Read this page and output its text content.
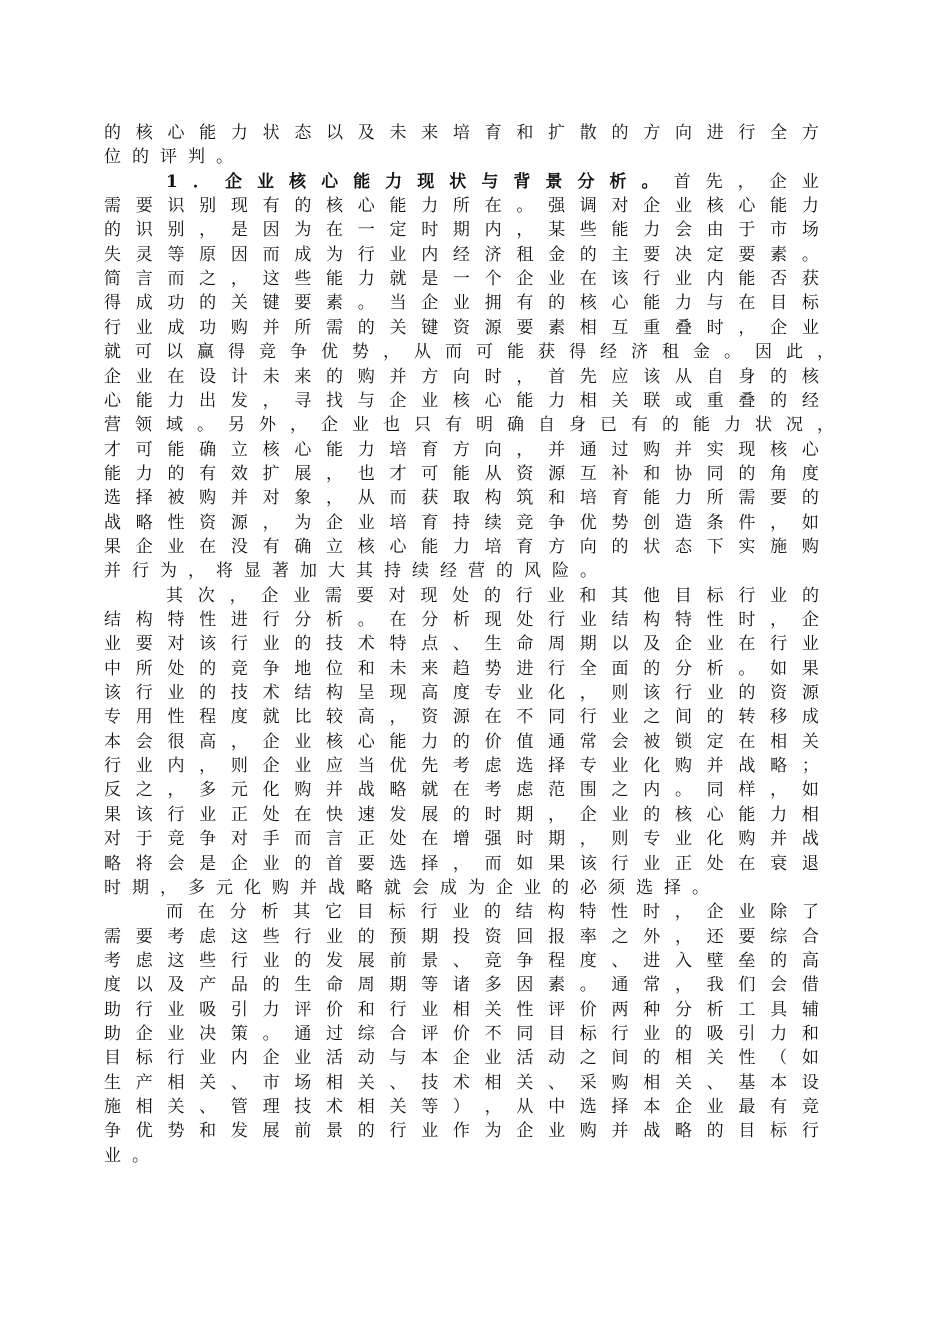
的 核 心 能 力 状 态 以 及 未 来 培 育 和 扩 散 的 方 向 进 行 全 方
位 的 评 判 。
1 ． 企 业 核 心 能 力 现 状 与 背 景 分 析 。 首 先 ， 企 业
需 要 识 别 现 有 的 核 心 能 力 所 在 。 强 调 对 企 业 核 心 能 力
的 识 别 ， 是 因 为 在 一 定 时 期 内 ， 某 些 能 力 会 由 于 市 场
失 灵 等 原 因 而 成 为 行 业 内 经 济 租 金 的 主 要 决 定 要 素 。
简 言 而 之 ， 这 些 能 力 就 是 一 个 企 业 在 该 行 业 内 能 否 获
得 成 功 的 关 键 要 素 。 当 企 业 拥 有 的 核 心 能 力 与 在 目 标
行 业 成 功 购 并 所 需 的 关 键 资 源 要 素 相 互 重 叠 时 ， 企 业
就 可 以 赢 得 竞 争 优 势 ， 从 而 可 能 获 得 经 济 租 金 。 因 此 ，
企 业 在 设 计 未 来 的 购 并 方 向 时 ， 首 先 应 该 从 自 身 的 核
心 能 力 出 发 ， 寻 找 与 企 业 核 心 能 力 相 关 联 或 重 叠 的 经
营 领 域 。 另 外 ， 企 业 也 只 有 明 确 自 身 已 有 的 能 力 状 况 ，
才 可 能 确 立 核 心 能 力 培 育 方 向 ， 并 通 过 购 并 实 现 核 心
能 力 的 有 效 扩 展 ， 也 才 可 能 从 资 源 互 补 和 协 同 的 角 度
选 择 被 购 并 对 象 ， 从 而 获 取 构 筑 和 培 育 能 力 所 需 要 的
战 略 性 资 源 ， 为 企 业 培 育 持 续 竞 争 优 势 创 造 条 件 ， 如
果 企 业 在 没 有 确 立 核 心 能 力 培 育 方 向 的 状 态 下 实 施 购
并 行 为 ， 将 显 著 加 大 其 持 续 经 营 的 风 险 。
其 次 ， 企 业 需 要 对 现 处 的 行 业 和 其 他 目 标 行 业 的
结 构 特 性 进 行 分 析 。 在 分 析 现 处 行 业 结 构 特 性 时 ， 企
业 要 对 该 行 业 的 技 术 特 点 、 生 命 周 期 以 及 企 业 在 行 业
中 所 处 的 竞 争 地 位 和 未 来 趋 势 进 行 全 面 的 分 析 。 如 果
该 行 业 的 技 术 结 构 呈 现 高 度 专 业 化 ， 则 该 行 业 的 资 源
专 用 性 程 度 就 比 较 高 ， 资 源 在 不 同 行 业 之 间 的 转 移 成
本 会 很 高 ， 企 业 核 心 能 力 的 价 值 通 常 会 被 锁 定 在 相 关
行 业 内 ， 则 企 业 应 当 优 先 考 虑 选 择 专 业 化 购 并 战 略 ；
反 之 ， 多 元 化 购 并 战 略 就 在 考 虑 范 围 之 内 。 同 样 ， 如
果 该 行 业 正 处 在 快 速 发 展 的 时 期 ， 企 业 的 核 心 能 力 相
对 于 竞 争 对 手 而 言 正 处 在 增 强 时 期 ， 则 专 业 化 购 并 战
略 将 会 是 企 业 的 首 要 选 择 ， 而 如 果 该 行 业 正 处 在 衰 退
时 期 ， 多 元 化 购 并 战 略 就 会 成 为 企 业 的 必 须 选 择 。
而 在 分 析 其 它 目 标 行 业 的 结 构 特 性 时 ， 企 业 除 了
需 要 考 虑 这 些 行 业 的 预 期 投 资 回 报 率 之 外 ， 还 要 综 合
考 虑 这 些 行 业 的 发 展 前 景 、 竞 争 程 度 、 进 入 壁 垒 的 高
度 以 及 产 品 的 生 命 周 期 等 诸 多 因 素 。 通 常 ， 我 们 会 借
助 行 业 吸 引 力 评 价 和 行 业 相 关 性 评 价 两 种 分 析 工 具 辅
助 企 业 决 策 。 通 过 综 合 评 价 不 同 目 标 行 业 的 吸 引 力 和
目 标 行 业 内 企 业 活 动 与 本 企 业 活 动 之 间 的 相 关 性 （ 如
生 产 相 关 、 市 场 相 关 、 技 术 相 关 、 采 购 相 关 、 基 本 设
施 相 关 、 管 理 技 术 相 关 等 ） ， 从 中 选 择 本 企 业 最 有 竞
争 优 势 和 发 展 前 景 的 行 业 作 为 企 业 购 并 战 略 的 目 标 行
业 。
